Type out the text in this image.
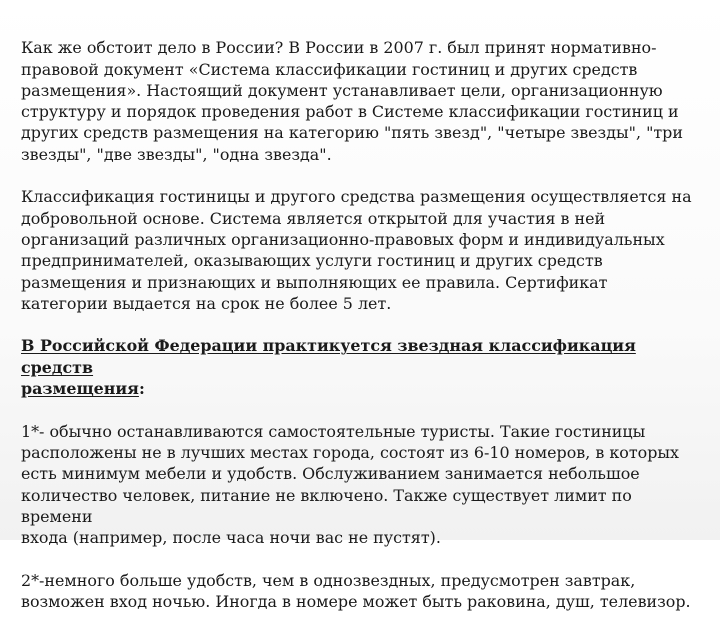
Как же обстоит дело в России? В России в 2007 г. был принят нормативно-
правовой документ «Система классификации гостиниц и других средств
размещения». Настоящий документ устанавливает цели, организационную
структуру и порядок проведения работ в Системе классификации гостиниц и
других средств размещения на категорию "пять звезд", "четыре звезды", "три
звезды", "две звезды", "одна звезда".

Классификация гостиницы и другого средства размещения осуществляется на
добровольной основе. Система является открытой для участия в ней
организаций различных организационно-правовых форм и индивидуальных
предпринимателей, оказывающих услуги гостиниц и других средств
размещения и признающих и выполняющих ее правила. Сертификат
категории выдается на срок не более 5 лет.

В Российской Федерации практикуется звездная классификация средств
размещения:

1*- обычно останавливаются самостоятельные туристы. Такие гостиницы
расположены не в лучших местах города, состоят из 6-10 номеров, в которых
есть минимум мебели и удобств. Обслуживанием занимается небольшое
количество человек, питание не включено. Также существует лимит по времени
входа (например, после часа ночи вас не пустят).

2*-немного больше удобств, чем в однозвездных, предусмотрен завтрак,
возможен вход ночью. Иногда в номере может быть раковина, душ, телевизор.
